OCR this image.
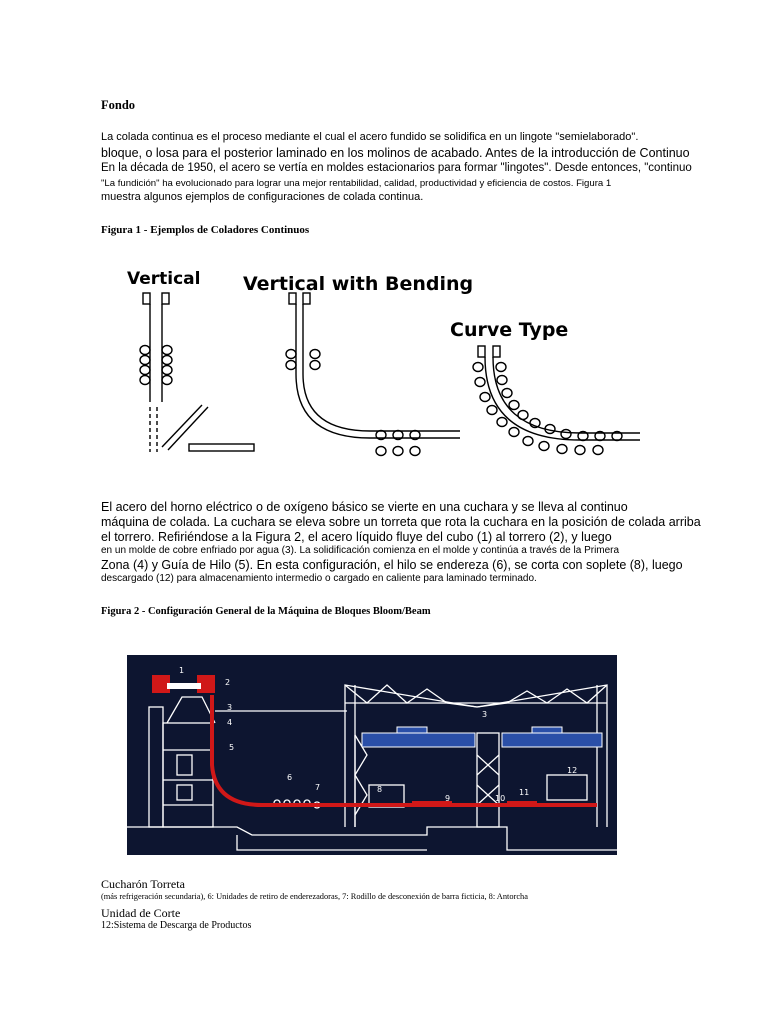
Fondo
La colada continua es el proceso mediante el cual el acero fundido se solidifica en un lingote "semielaborado".
bloque, o losa para el posterior laminado en los molinos de acabado. Antes de la introducción de Continuo
En la década de 1950, el acero se vertía en moldes estacionarios para formar "lingotes". Desde entonces, "continuo
"La fundición" ha evolucionado para lograr una mejor rentabilidad, calidad, productividad y eficiencia de costos. Figura 1
muestra algunos ejemplos de configuraciones de colada continua.
Figura 1 - Ejemplos de Coladores Continuos
Vertical Vertical with Bending
Curve Type
El acero del horno eléctrico o de oxígeno básico se vierte en una cuchara y se lleva al continuo
máquina de colada. La cuchara se eleva sobre un torreta que rota la cuchara en la posición de colada arriba
el torrero. Refiriéndose a la Figura 2, el acero líquido fluye del cubo (1) al torrero (2), y luego
en un molde de cobre enfriado por agua (3). La solidificación comienza en el molde y continúa a través de la Primera
Zona (4) y Guía de Hilo (5). En esta configuración, el hilo se endereza (6), se corta con soplete (8), luego
descargado (12) para almacenamiento intermedio o cargado en caliente para laminado terminado.
Figura 2 - Configuración General de la Máquina de Bloques Bloom/Beam
1
2
3
4
5
6
7	8
9	10
11
12
3
Cucharón Torreta
(más refrigeración secundaria), 6: Unidades de retiro de enderezadoras, 7: Rodillo de desconexión de barra ficticia, 8: Antorcha
Unidad de Corte
12:Sistema de Descarga de Productos
